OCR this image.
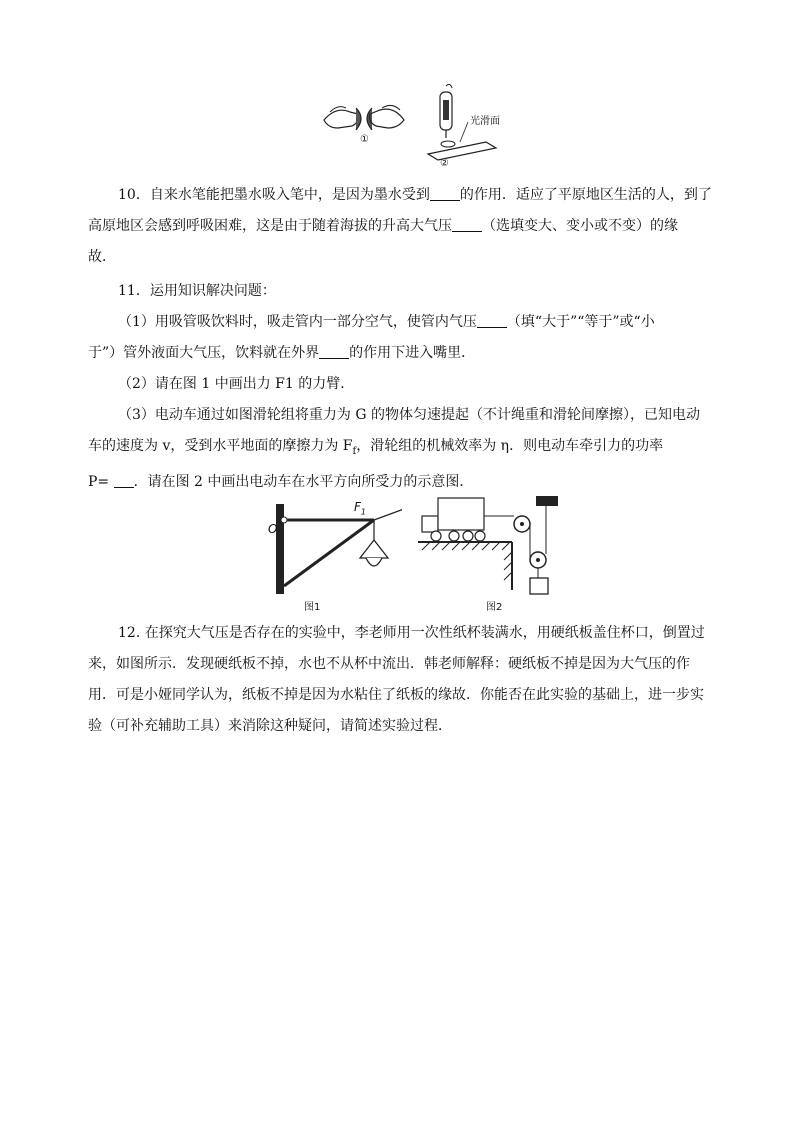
①
②
光滑面
10．自来水笔能把墨水吸入笔中，是因为墨水受到 的作用．适应了平原地区生活的人，到了
高原地区会感到呼吸困难，这是由于随着海拔的升高大气压 （选填变大、变小或不变）的缘
故．
11．运用知识解决问题：
（1）用吸管吸饮料时，吸走管内一部分空气，使管内气压 （填“大于”“等于”或“小
于”）管外液面大气压，饮料就在外界 的作用下进入嘴里．
（2）请在图 1 中画出力 F1 的力臂．
（3）电动车通过如图滑轮组将重力为 G 的物体匀速提起（不计绳重和滑轮间摩擦），已知电动
车的速度为 v，受到水平地面的摩擦力为 $F_f$，滑轮组的机械效率为 η．则电动车牵引力的功率
P= ．请在图 2 中画出电动车在水平方向所受力的示意图．
O
$F_1$
图1	图2
12. 在探究大气压是否存在的实验中，李老师用一次性纸杯装满水，用硬纸板盖住杯口，倒置过
来，如图所示．发现硬纸板不掉，水也不从杯中流出．韩老师解释：硬纸板不掉是因为大气压的作
用．可是小娅同学认为，纸板不掉是因为水粘住了纸板的缘故．你能否在此实验的基础上，进一步实
验（可补充辅助工具）来消除这种疑问，请简述实验过程．
